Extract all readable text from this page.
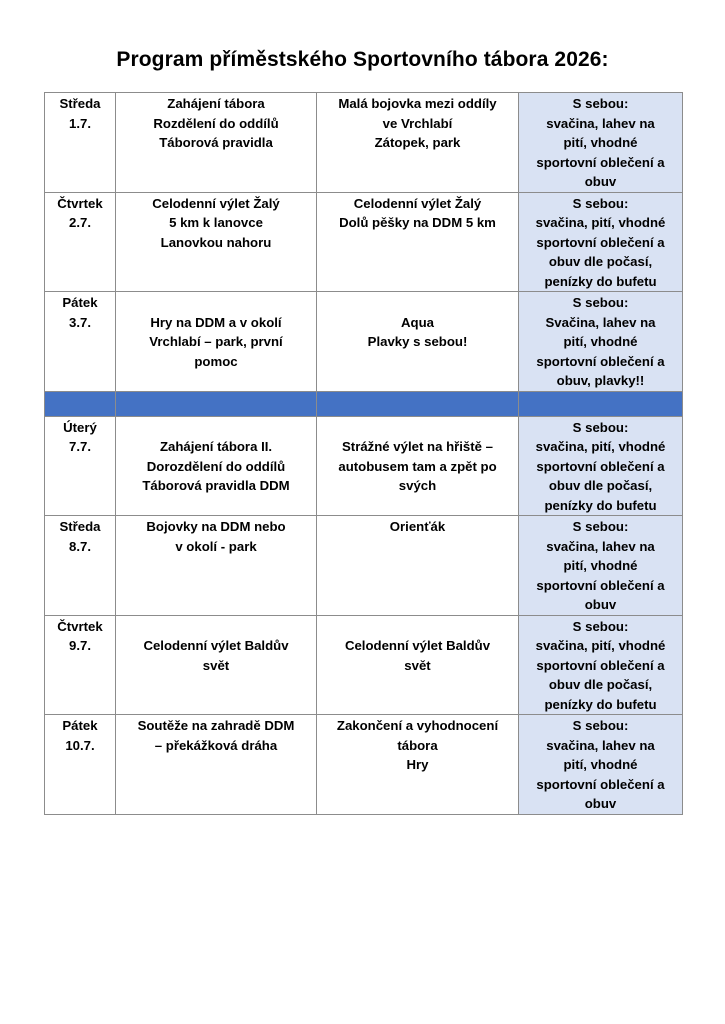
Program příměstského Sportovního tábora 2026:
Středa
1.7.	Zahájení tábora
Rozdělení do oddílů
Táborová pravidla	Malá bojovka mezi oddíly
ve Vrchlabí
Zátopek, park	S sebou:
svačina, lahev na
pití, vhodné
sportovní oblečení a
obuv

Čtvrtek
2.7.	Celodenní výlet Žalý
5 km k lanovce
Lanovkou nahoru	Celodenní výlet Žalý
Dolů pěšky na DDM 5 km	S sebou:
svačina, pití, vhodné
sportovní oblečení a
obuv dle počasí,
penízky do bufetu

Pátek
3.7.	Hry na DDM a v okolí
Vrchlabí – park, první
pomoc	Aqua
Plavky s sebou!	S sebou:
Svačina, lahev na
pití, vhodné
sportovní oblečení a
obuv, plavky!!

Úterý
7.7.	Zahájení tábora II.
Dorozdělení do oddílů
Táborová pravidla DDM	Strážné výlet na hřiště –
autobusem tam a zpět po
svých	S sebou:
svačina, pití, vhodné
sportovní oblečení a
obuv dle počasí,
penízky do bufetu

Středa
8.7.	Bojovky na DDM nebo
v okolí - park	Orienťák	S sebou:
svačina, lahev na
pití, vhodné
sportovní oblečení a
obuv

Čtvrtek
9.7.	Celodenní výlet Baldův
svět	Celodenní výlet Baldův
svět	S sebou:
svačina, pití, vhodné
sportovní oblečení a
obuv dle počasí,
penízky do bufetu

Pátek
10.7.	Soutěže na zahradě DDM
– překážková dráha	Zakončení a vyhodnocení
tábora
Hry	S sebou:
svačina, lahev na
pití, vhodné
sportovní oblečení a
obuv
